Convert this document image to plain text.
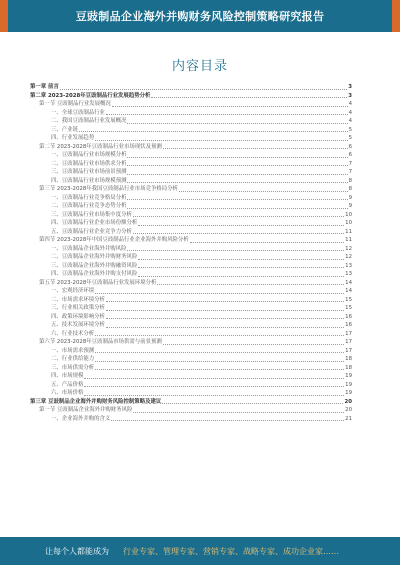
豆豉制品企业海外并购财务风险控制策略研究报告
内容目录
第一章 前言	3
第二章 2023-2028年豆豉制品行业发展趋势分析	3
第一节 豆豉制品行业发展概况	4
一、全球豆豉制品行业	4
二、我国豆豉制品行业发展概况	4
三、产业链	5
四、行业发展趋势	5
第二节 2023-2028年豆豉制品行业市场现状及预测	6
一、豆豉制品行业市场规模分析	6
二、豆豉制品行业市场供求分析	7
三、豆豉制品行业市场前景预测	7
四、豆豉制品行业市场规模预测	8
第三节 2023-2028年我国豆豉制品行业市场竞争格局分析	8
一、豆豉制品行业竞争格局分析	9
二、豆豉制品行业竞争态势分析	9
三、豆豉制品行业市场集中度分析	10
四、豆豉制品行业企业市场份额分析	10
五、豆豉制品行业企业竞争力分析	11
第四节 2023-2028年中国豆豉制品行业企业海外并购风险分析	11
一、豆豉制品企业海外并购风险	12
二、豆豉制品企业海外并购财务风险	12
三、豆豉制品企业海外并购融资风险	13
四、豆豉制品企业海外并购支付风险	13
第五节 2023-2028年豆豉制品行业发展环境分析	14
一、宏观经济环境	14
二、市场需求环境分析	15
三、行业相关政策分析	15
四、政策环境影响分析	16
五、技术发展环境分析	16
六、行业技术分析	17
第六节 2023-2028年豆豉制品市场供需与前景预测	17
一、市场需求预测	17
二、行业供给能力	18
三、市场供需分析	18
四、市场规模	19
五、产品价格	19
六、市场价格	19
第三章 豆豉制品企业海外并购财务风险控制策略及建议	20
第一节 豆豉制品企业海外并购财务风险	20
一、企业海外并购的含义	21
让每个人都能成为 行业专家、管理专家、营销专家、战略专家、成功企业家……
